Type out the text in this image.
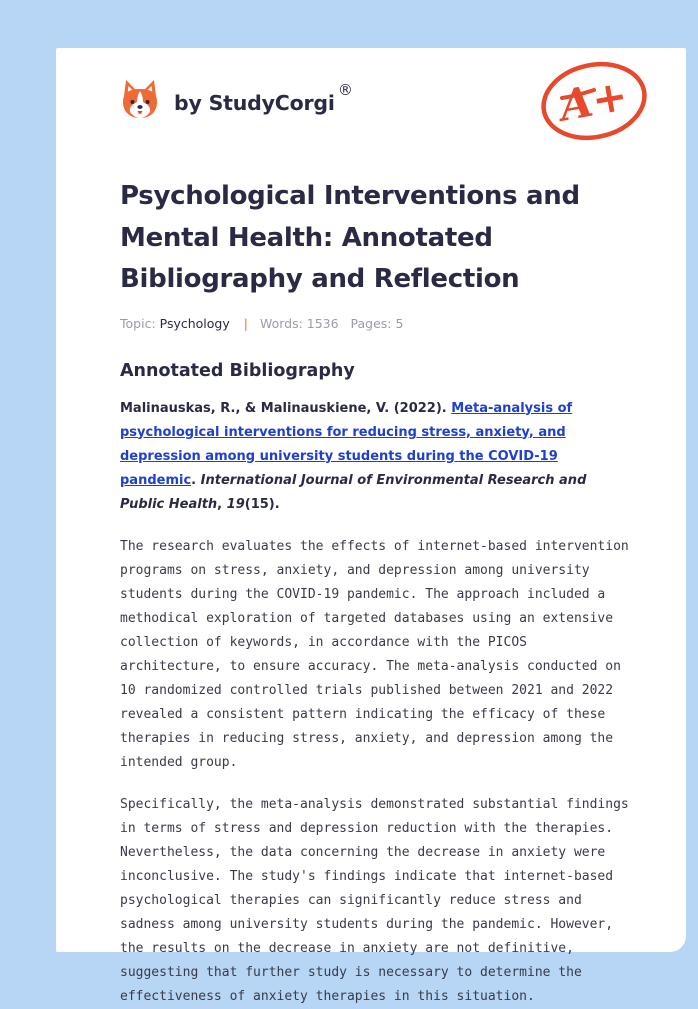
by StudyCorgi
®	A+
Psychological Interventions and Mental Health: Annotated Bibliography and Reflection
Topic: Psychology | Words: 1536 Pages: 5
Annotated Bibliography
Malinauskas, R., & Malinauskiene, V. (2022). Meta-analysis of psychological interventions for reducing stress, anxiety, and depression among university students during the COVID-19 pandemic. International Journal of Environmental Research and Public Health, 19(15).

The research evaluates the effects of internet-based intervention programs on stress, anxiety, and depression among university students during the COVID-19 pandemic. The approach included a methodical exploration of targeted databases using an extensive collection of keywords, in accordance with the PICOS architecture, to ensure accuracy. The meta-analysis conducted on 10 randomized controlled trials published between 2021 and 2022 revealed a consistent pattern indicating the efficacy of these therapies in reducing stress, anxiety, and depression among the intended group.

Specifically, the meta-analysis demonstrated substantial findings in terms of stress and depression reduction with the therapies. Nevertheless, the data concerning the decrease in anxiety were inconclusive. The study's findings indicate that internet-based psychological therapies can significantly reduce stress and sadness among university students during the pandemic. However, the results on the decrease in anxiety are not definitive, suggesting that further study is necessary to determine the effectiveness of anxiety therapies in this situation.
